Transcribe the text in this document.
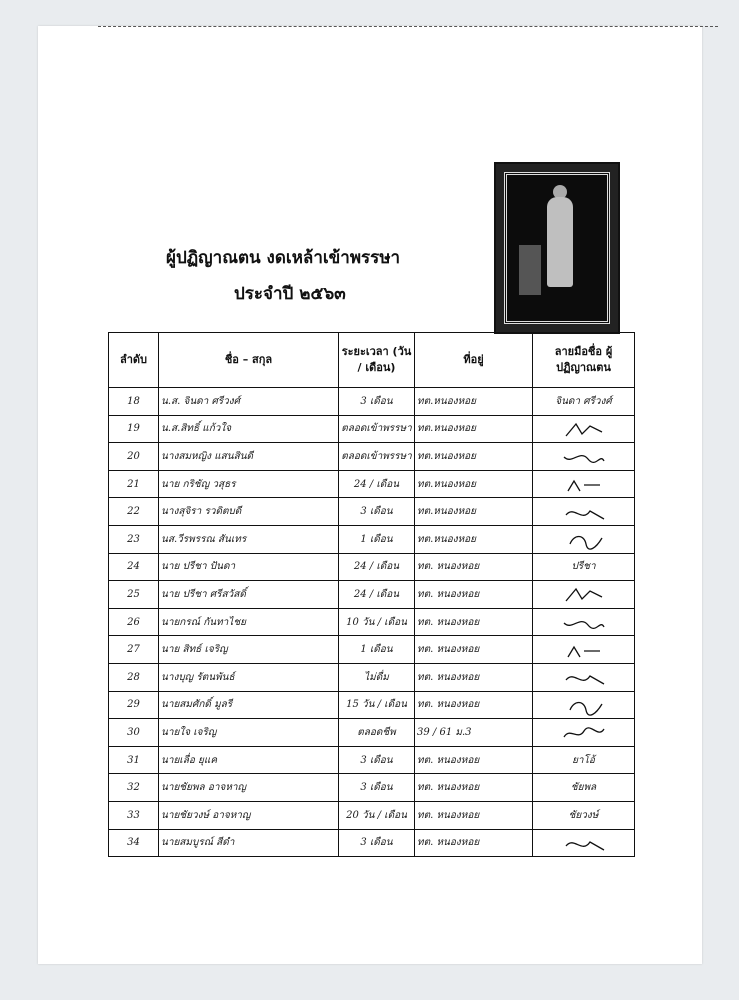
ผู้ปฏิญาณตน งดเหล้าเข้าพรรษา
ประจำปี ๒๕๖๓
ลำดับ	ชื่อ – สกุล	ระยะเวลา (วัน / เดือน)	ที่อยู่	ลายมือชื่อ ผู้ปฏิญาณตน
18	น.ส. จินดา ศรีวงศ์	3 เดือน	ทต.หนองหอย	จินดา ศรีวงศ์

19	น.ส.สิทธิ์ แก้วใจ	ตลอดเข้าพรรษา	ทต.หนองหอย	

20	นางสมหญิง แสนสินดี	ตลอดเข้าพรรษา	ทต.หนองหอย	

21	นาย กริชัญ วสุธร	24 / เดือน	ทต.หนองหอย	

22	นางสุจิรา รวดิตบดี	3 เดือน	ทต.หนองหอย	

23	นส.วีรพรรณ สันเทร	1 เดือน	ทต.หนองหอย	

24	นาย ปรีชา ปันดา	24 / เดือน	ทต. หนองหอย	ปรีชา

25	นาย ปรีชา ศรีสวัสดิ์	24 / เดือน	ทต. หนองหอย	

26	นายกรณ์ กันทาไชย	10 วัน / เดือน	ทต. หนองหอย	

27	นาย สิทธ์ เจริญ	1 เดือน	ทต. หนองหอย	

28	นางบุญ รัตนพันธ์	ไม่ดื่ม	ทต. หนองหอย	

29	นายสมศักดิ์ มูลรี	15 วัน / เดือน	ทต. หนองหอย	

30	นายใจ เจริญ	ตลอดชีพ	39 / 61 ม.3	

31	นายเลื่อ ยุแค	3 เดือน	ทต. หนองหอย	ยาโอ้

32	นายชัยพล อาจหาญ	3 เดือน	ทต. หนองหอย	ชัยพล

33	นายชัยวงษ์ อาจหาญ	20 วัน / เดือน	ทต. หนองหอย	ชัยวงษ์

34	นายสมบูรณ์ สีดำ	3 เดือน	ทต. หนองหอย	
